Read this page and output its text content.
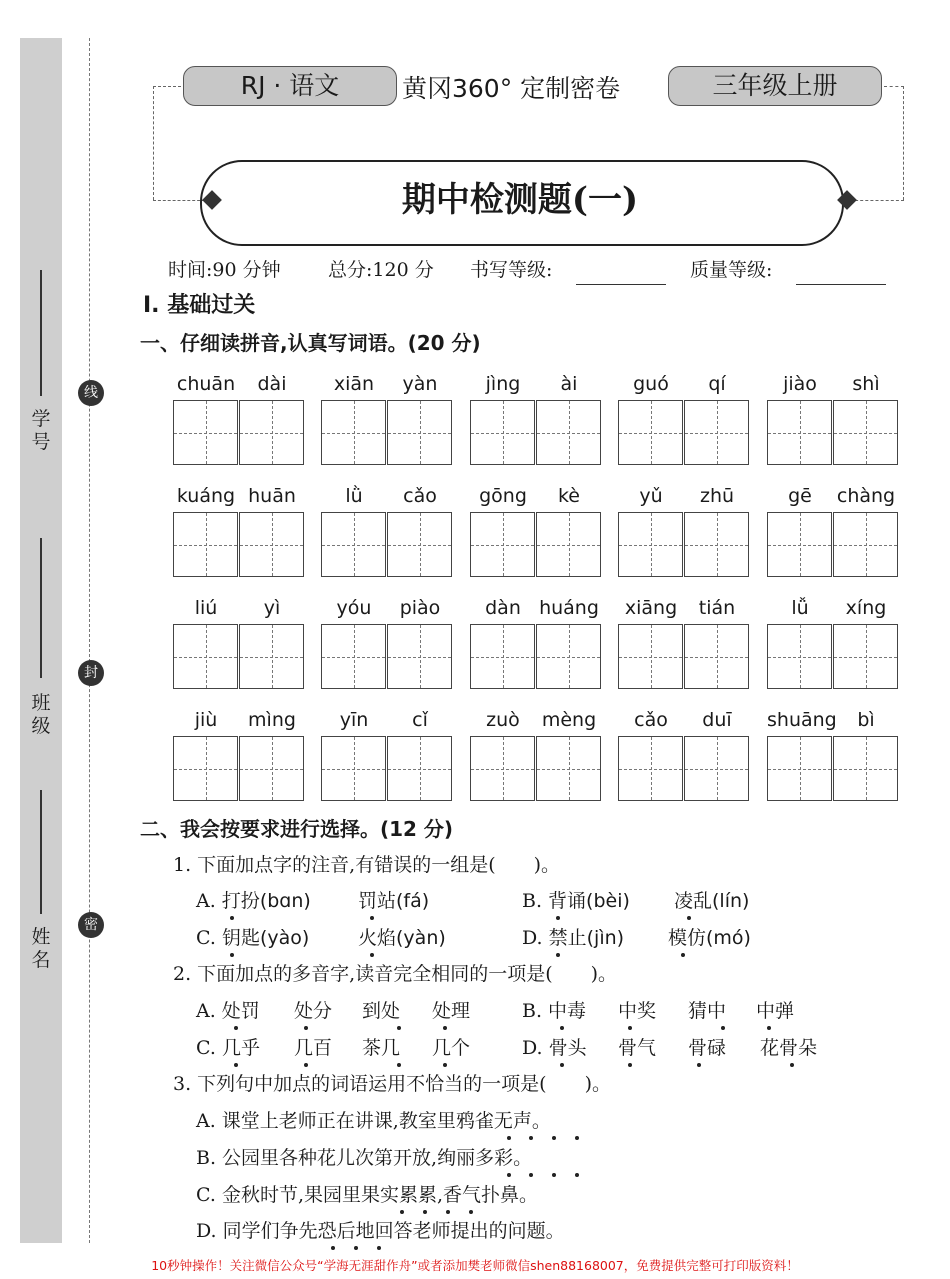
学号
班级
姓名
线
封
密
RJ · 语文	黄冈360° 定制密卷	三年级上册
期中检测题(一)
时间:90 分钟 总分:120 分 书写等级:	质量等级:
Ⅰ. 基础过关
一、仔细读拼音,认真写词语。(20 分)
chuān	dài	xiān	yàn	jìng	ài	guó	qí	jiào	shì
kuáng huān	lǜ	cǎo	gōng	kè	yǔ	zhū	gē	chàng
liú	yì	yóu	piào	dàn huáng	xiāng	tián	lǚ	xíng
jiù	mìng	yīn	cǐ	zuò	mèng	cǎo	duī	shuāng	bì
二、我会按要求进行选择。(12 分)
1. 下面加点字的注音,有错误的一组是(　　)。
A. 打扮(bɑn) 罚站(fá)	B. 背诵(bèi) 凌乱(lín)
C. 钥匙(yào)	火焰(yàn)	D. 禁止(jìn) 模仿(mó)
2. 下面加点的多音字,读音完全相同的一项是(　　)。
A. 处罚 处分 到处 处理	B. 中毒 中奖 猜中 中弹
C. 几乎 几百 茶几 几个	D. 骨头 骨气 骨碌 花骨朵
3. 下列句中加点的词语运用不恰当的一项是(　　)。
A. 课堂上老师正在讲课,教室里鸦雀无声。
B. 公园里各种花儿次第开放,绚丽多彩。
C. 金秋时节,果园里果实累累,香气扑鼻。
D. 同学们争先恐后地回答老师提出的问题。
10秒钟操作！关注微信公众号“学海无涯甜作舟”或者添加樊老师微信shen88168007，免费提供完整可打印版资料！
